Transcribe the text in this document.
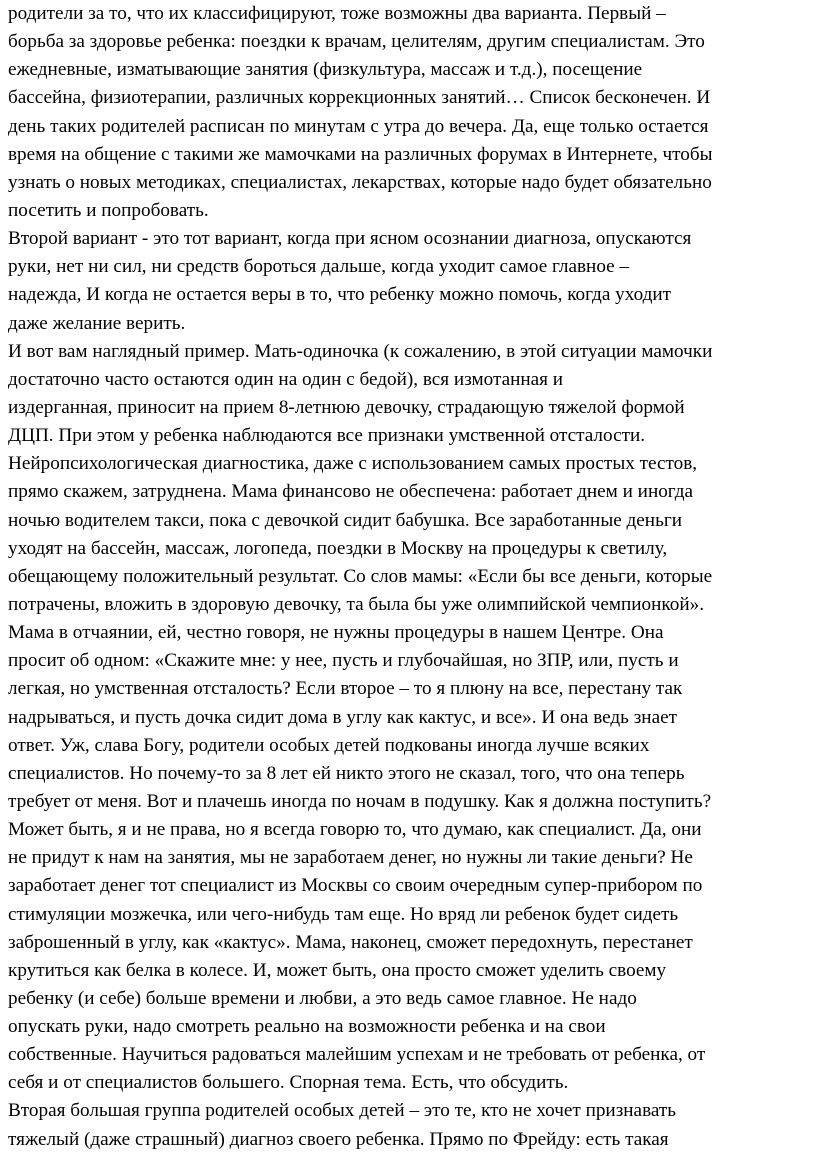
родители за то, что их классифицируют, тоже возможны два варианта. Первый –
борьба за здоровье ребенка: поездки к врачам, целителям, другим специалистам. Это
ежедневные, изматывающие занятия (физкультура, массаж и т.д.), посещение
бассейна, физиотерапии, различных коррекционных занятий… Список бесконечен. И
день таких родителей расписан по минутам с утра до вечера. Да, еще только остается
время на общение с такими же мамочками на различных форумах в Интернете, чтобы
узнать о новых методиках, специалистах, лекарствах, которые надо будет обязательно
посетить и попробовать.
Второй вариант - это тот вариант, когда при ясном осознании диагноза, опускаются
руки, нет ни сил, ни средств бороться дальше, когда уходит самое главное –
надежда, И когда не остается веры в то, что ребенку можно помочь, когда уходит
даже желание верить.
И вот вам наглядный пример. Мать-одиночка (к сожалению, в этой ситуации мамочки
достаточно часто остаются один на один с бедой), вся измотанная и
издерганная, приносит на прием 8-летнюю девочку, страдающую тяжелой формой
ДЦП. При этом у ребенка наблюдаются все признаки умственной отсталости.
Нейропсихологическая диагностика, даже с использованием самых простых тестов,
прямо скажем, затруднена. Мама финансово не обеспечена: работает днем и иногда
ночью водителем такси, пока с девочкой сидит бабушка. Все заработанные деньги
уходят на бассейн, массаж, логопеда, поездки в Москву на процедуры к светилу,
обещающему положительный результат. Со слов мамы: «Если бы все деньги, которые
потрачены, вложить в здоровую девочку, та была бы уже олимпийской чемпионкой».
Мама в отчаянии, ей, честно говоря, не нужны процедуры в нашем Центре. Она
просит об одном: «Скажите мне: у нее, пусть и глубочайшая, но ЗПР, или, пусть и
легкая, но умственная отсталость? Если второе – то я плюну на все, перестану так
надрываться, и пусть дочка сидит дома в углу как кактус, и все». И она ведь знает
ответ. Уж, слава Богу, родители особых детей подкованы иногда лучше всяких
специалистов. Но почему-то за 8 лет ей никто этого не сказал, того, что она теперь
требует от меня. Вот и плачешь иногда по ночам в подушку. Как я должна поступить?
Может быть, я и не права, но я всегда говорю то, что думаю, как специалист. Да, они
не придут к нам на занятия, мы не заработаем денег, но нужны ли такие деньги? Не
заработает денег тот специалист из Москвы со своим очередным супер-прибором по
стимуляции мозжечка, или чего-нибудь там еще. Но вряд ли ребенок будет сидеть
заброшенный в углу, как «кактус». Мама, наконец, сможет передохнуть, перестанет
крутиться как белка в колесе. И, может быть, она просто сможет уделить своему
ребенку (и себе) больше времени и любви, а это ведь самое главное. Не надо
опускать руки, надо смотреть реально на возможности ребенка и на свои
собственные. Научиться радоваться малейшим успехам и не требовать от ребенка, от
себя и от специалистов большего. Спорная тема. Есть, что обсудить.
Вторая большая группа родителей особых детей – это те, кто не хочет признавать
тяжелый (даже страшный) диагноз своего ребенка. Прямо по Фрейду: есть такая
